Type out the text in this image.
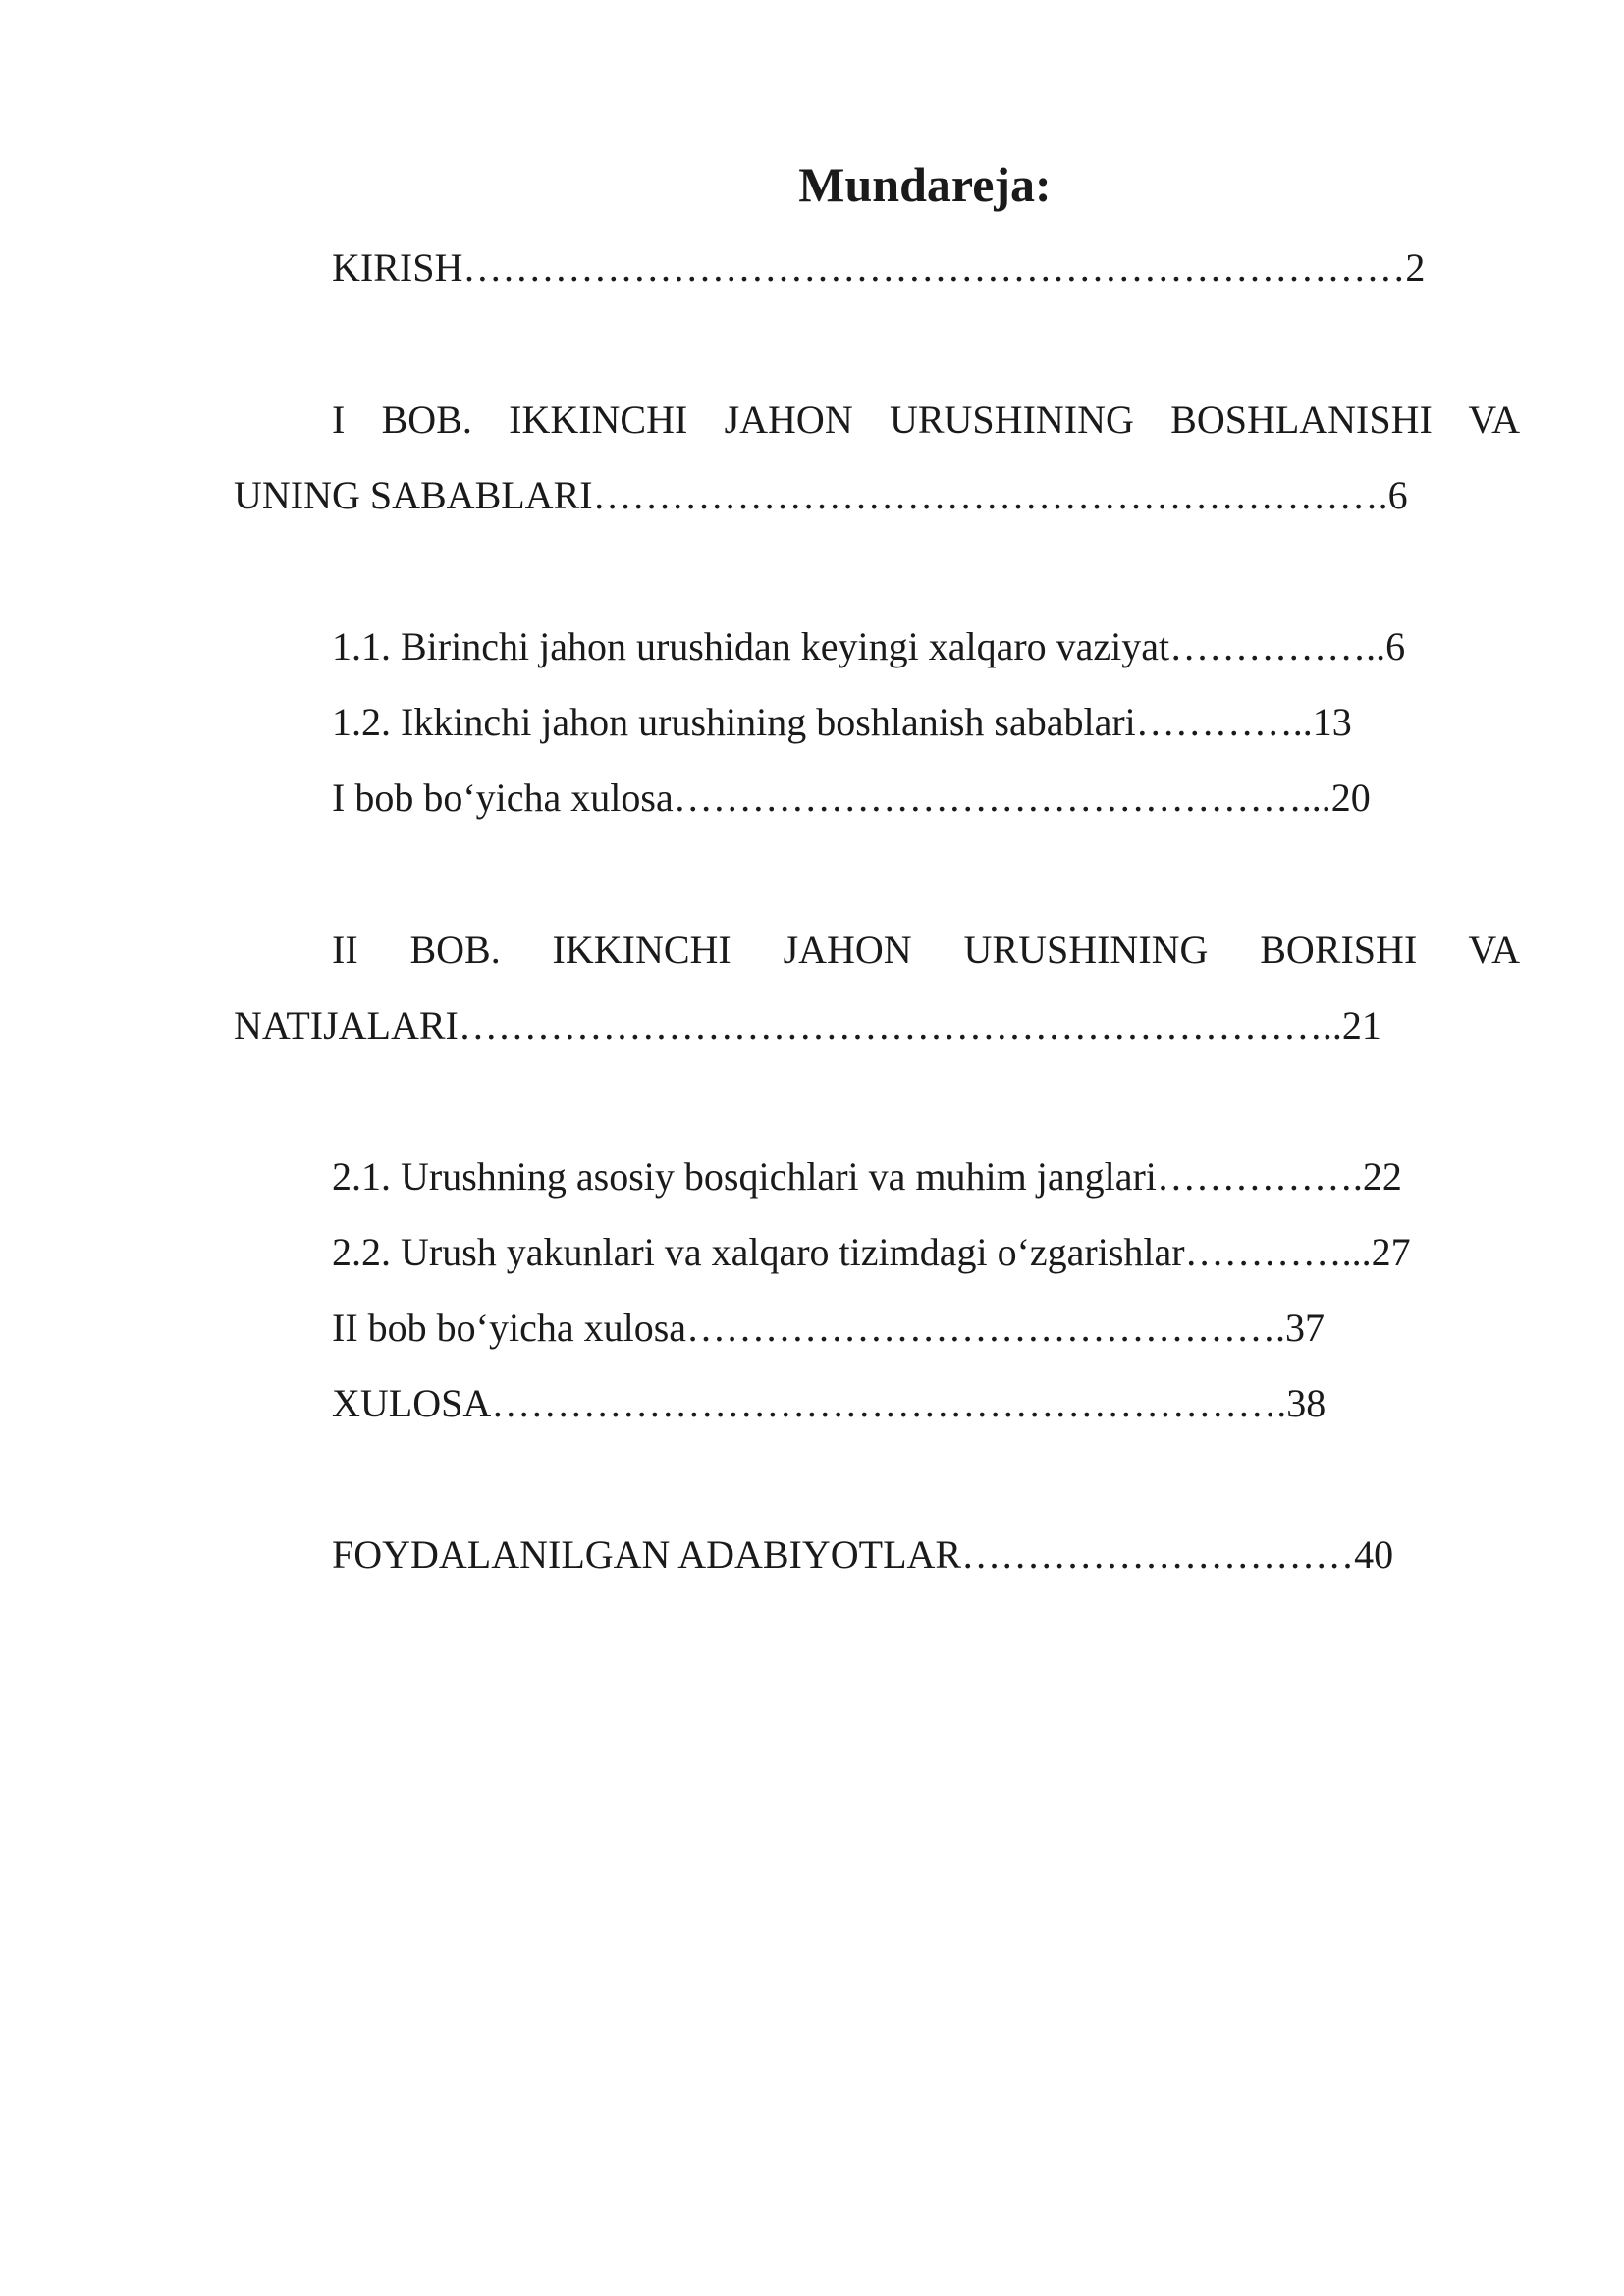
Mundareja:
KIRISH………………………………………………………………2
I BOB. IKKINCHI JAHON URUSHINING BOSHLANISHI VA
UNING SABABLARI…………………………………………………….6
1.1. Birinchi jahon urushidan keyingi xalqaro vaziyat……………..6
1.2. Ikkinchi jahon urushining boshlanish sabablari…………..13
I bob bo‘yicha xulosa…………………………………………...20
II BOB. IKKINCHI JAHON URUSHINING BORISHI VA
NATIJALARI…………………………………………………………..21
2.1. Urushning asosiy bosqichlari va muhim janglari…………….22
2.2. Urush yakunlari va xalqaro tizimdagi o‘zgarishlar…………...27
II bob bo‘yicha xulosa……………………………………….37
XULOSA…………………………………………………….38
FOYDALANILGAN ADABIYOTLAR…………………………40
